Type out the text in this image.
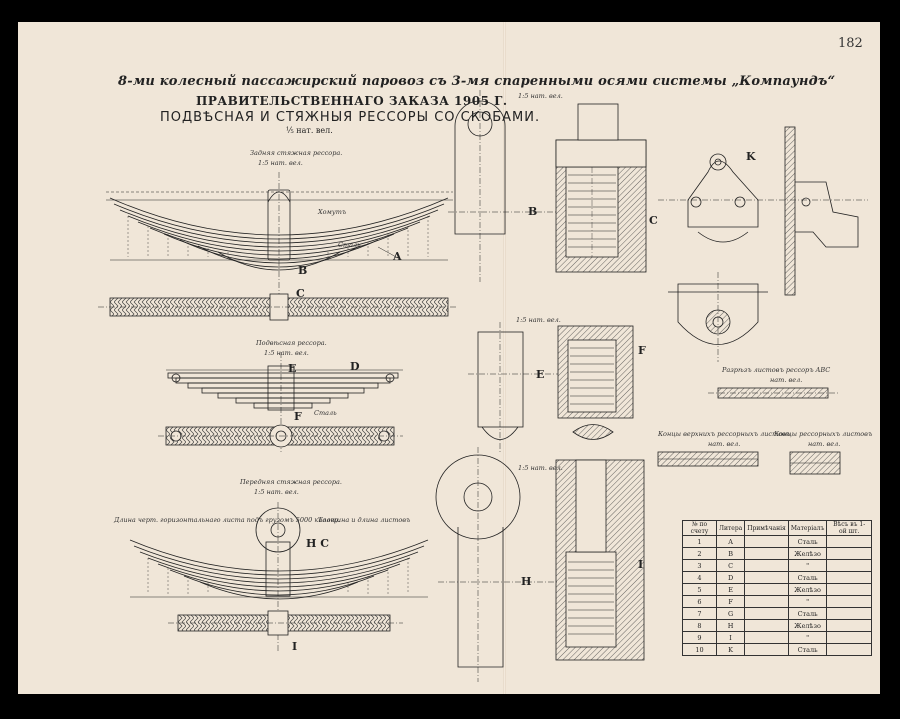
182
8-ми колесный пассажирский паровоз съ 3-мя спаренными осями системы „Компаундъ“
ПРАВИТЕЛЬСТВЕННАГО ЗАКАЗА 1905 Г.
ПОДВѢСНАЯ И СТЯЖНЫЯ РЕССОРЫ СО СКОБАМИ.
⅕ нат. вел.
Задняя стяжная рессора.
1:5 нат. вел.
Подвѣсная рессора.
1:5 нат. вел.
Передняя стяжная рессора.
1:5 нат. вел.
Разрѣзъ листовъ рессоръ ABC
нат. вел.
Концы верхнихъ рессорныхъ листовъ
нат. вел.
Концы рессорныхъ листовъ
нат. вел.
Хомутъ
Сталь
Сталь
Длина черт. горизонтальнаго листа подъ грузомъ 5000 килогр.
Толщина и длина листовъ
1:5 нат. вел.
1:5 нат. вел.
1:5 нат. вел.
A
B
C
D
E
F
H C
I
B
C
E
F
H
I
K
№ по счету	Литера	Примѣчанія	Матеріалъ	Вѣсъ въ 1-ой шт.
1	A		Сталь	
2	B		Желѣзо	
3	C		"	
4	D		Сталь	
5	E		Желѣзо	
6	F		"	
7	G		Сталь	
8	H		Желѣзо	
9	I		"	
10	K		Сталь	
